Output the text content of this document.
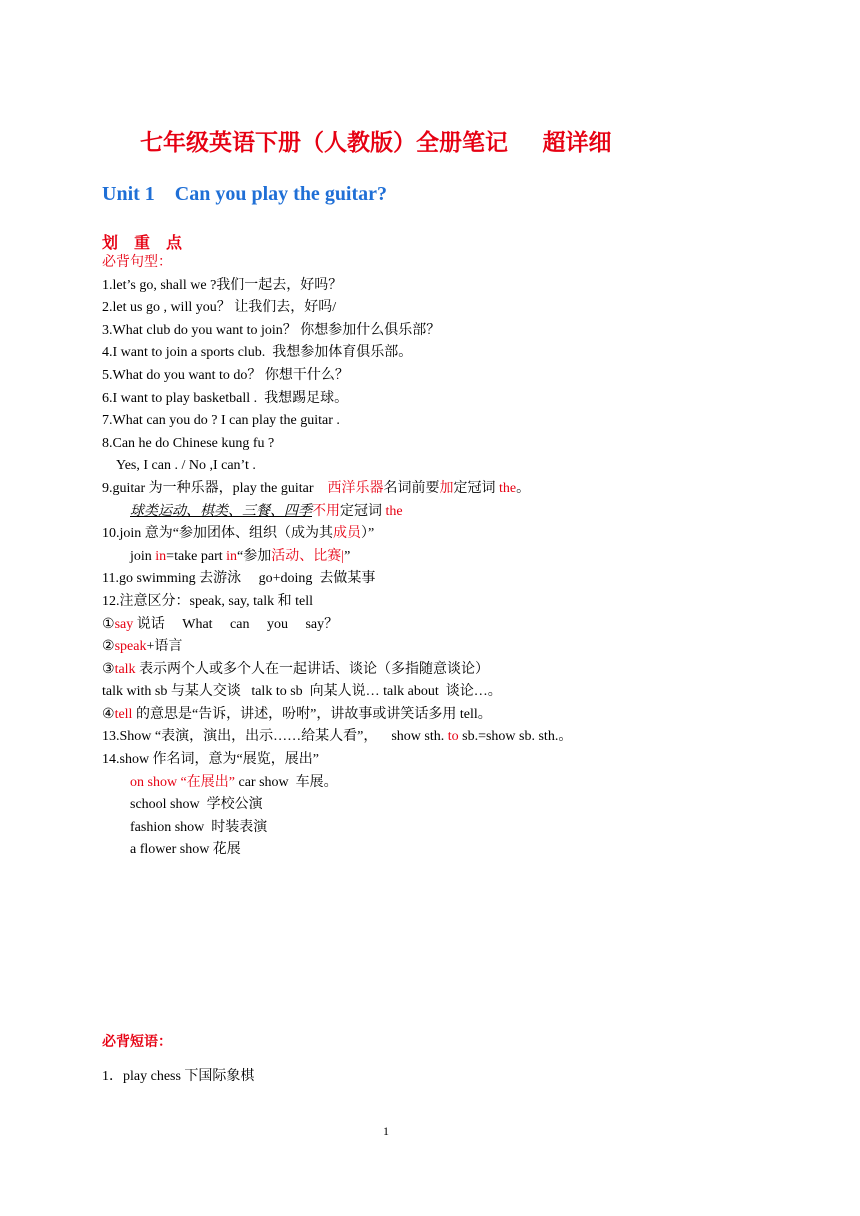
七年级英语下册（人教版）全册笔记      超详细
Unit 1    Can you play the guitar?
划 重 点
必背句型：
1.let’s go, shall we ?我们一起去，好吗？
2.let us go , will you？ 让我们去，好吗/
3.What club do you want to join？ 你想参加什么俱乐部？
4.I want to join a sports club.  我想参加体育俱乐部。
5.What do you want to do？ 你想干什么？
6.I want to play basketball .  我想踢足球。
7.What can you do ? I can play the guitar .
8.Can he do Chinese kung fu ?
Yes, I can . / No ,I can’t .
9.guitar 为一种乐器，play the guitar    西洋乐器名词前要加定冠词 the。
球类运动、棋类、三餐、四季不用定冠词 the
10.join 意为“参加团体、组织（成为其成员）”
join in=take part in“参加活动、比赛|”
11.go swimming 去游泳     go+doing  去做某事
12.注意区分：speak, say, talk 和 tell
①say 说话     What     can     you     say？
②speak+语言
③talk 表示两个人或多个人在一起讲话、谈论（多指随意谈论）
talk with sb 与某人交谈   talk to sb  向某人说… talk about  谈论…。
④tell 的意思是“告诉，讲述，吩咐”，讲故事或讲笑话多用 tell。
13.Show “表演，演出，出示……给某人看”，    show sth. to sb.=show sb. sth.。
14.show 作名词，意为“展览，展出”
on show “在展出” car show  车展。
school show  学校公演
fashion show  时装表演
a flower show 花展
必背短语：
1．play chess 下国际象棋
1
